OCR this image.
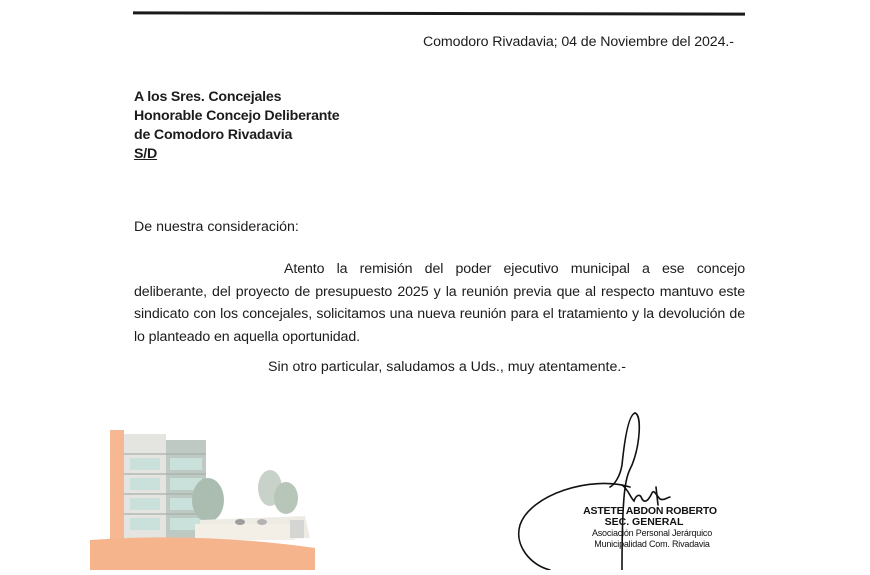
Comodoro Rivadavia; 04 de Noviembre del 2024.-
A los Sres. Concejales
Honorable Concejo Deliberante
de Comodoro Rivadavia
S/D
De nuestra consideración:
Atento la remisión del poder ejecutivo municipal a ese concejo deliberante, del proyecto de presupuesto 2025 y la reunión previa que al respecto mantuvo este sindicato con los concejales, solicitamos una nueva reunión para el tratamiento y la devolución de lo planteado en aquella oportunidad.
Sin otro particular, saludamos a Uds., muy atentamente.-
ASTETE ABDON ROBERTO
SEC. GENERAL
Asociación Personal Jerárquico
Municipalidad Com. Rivadavia
